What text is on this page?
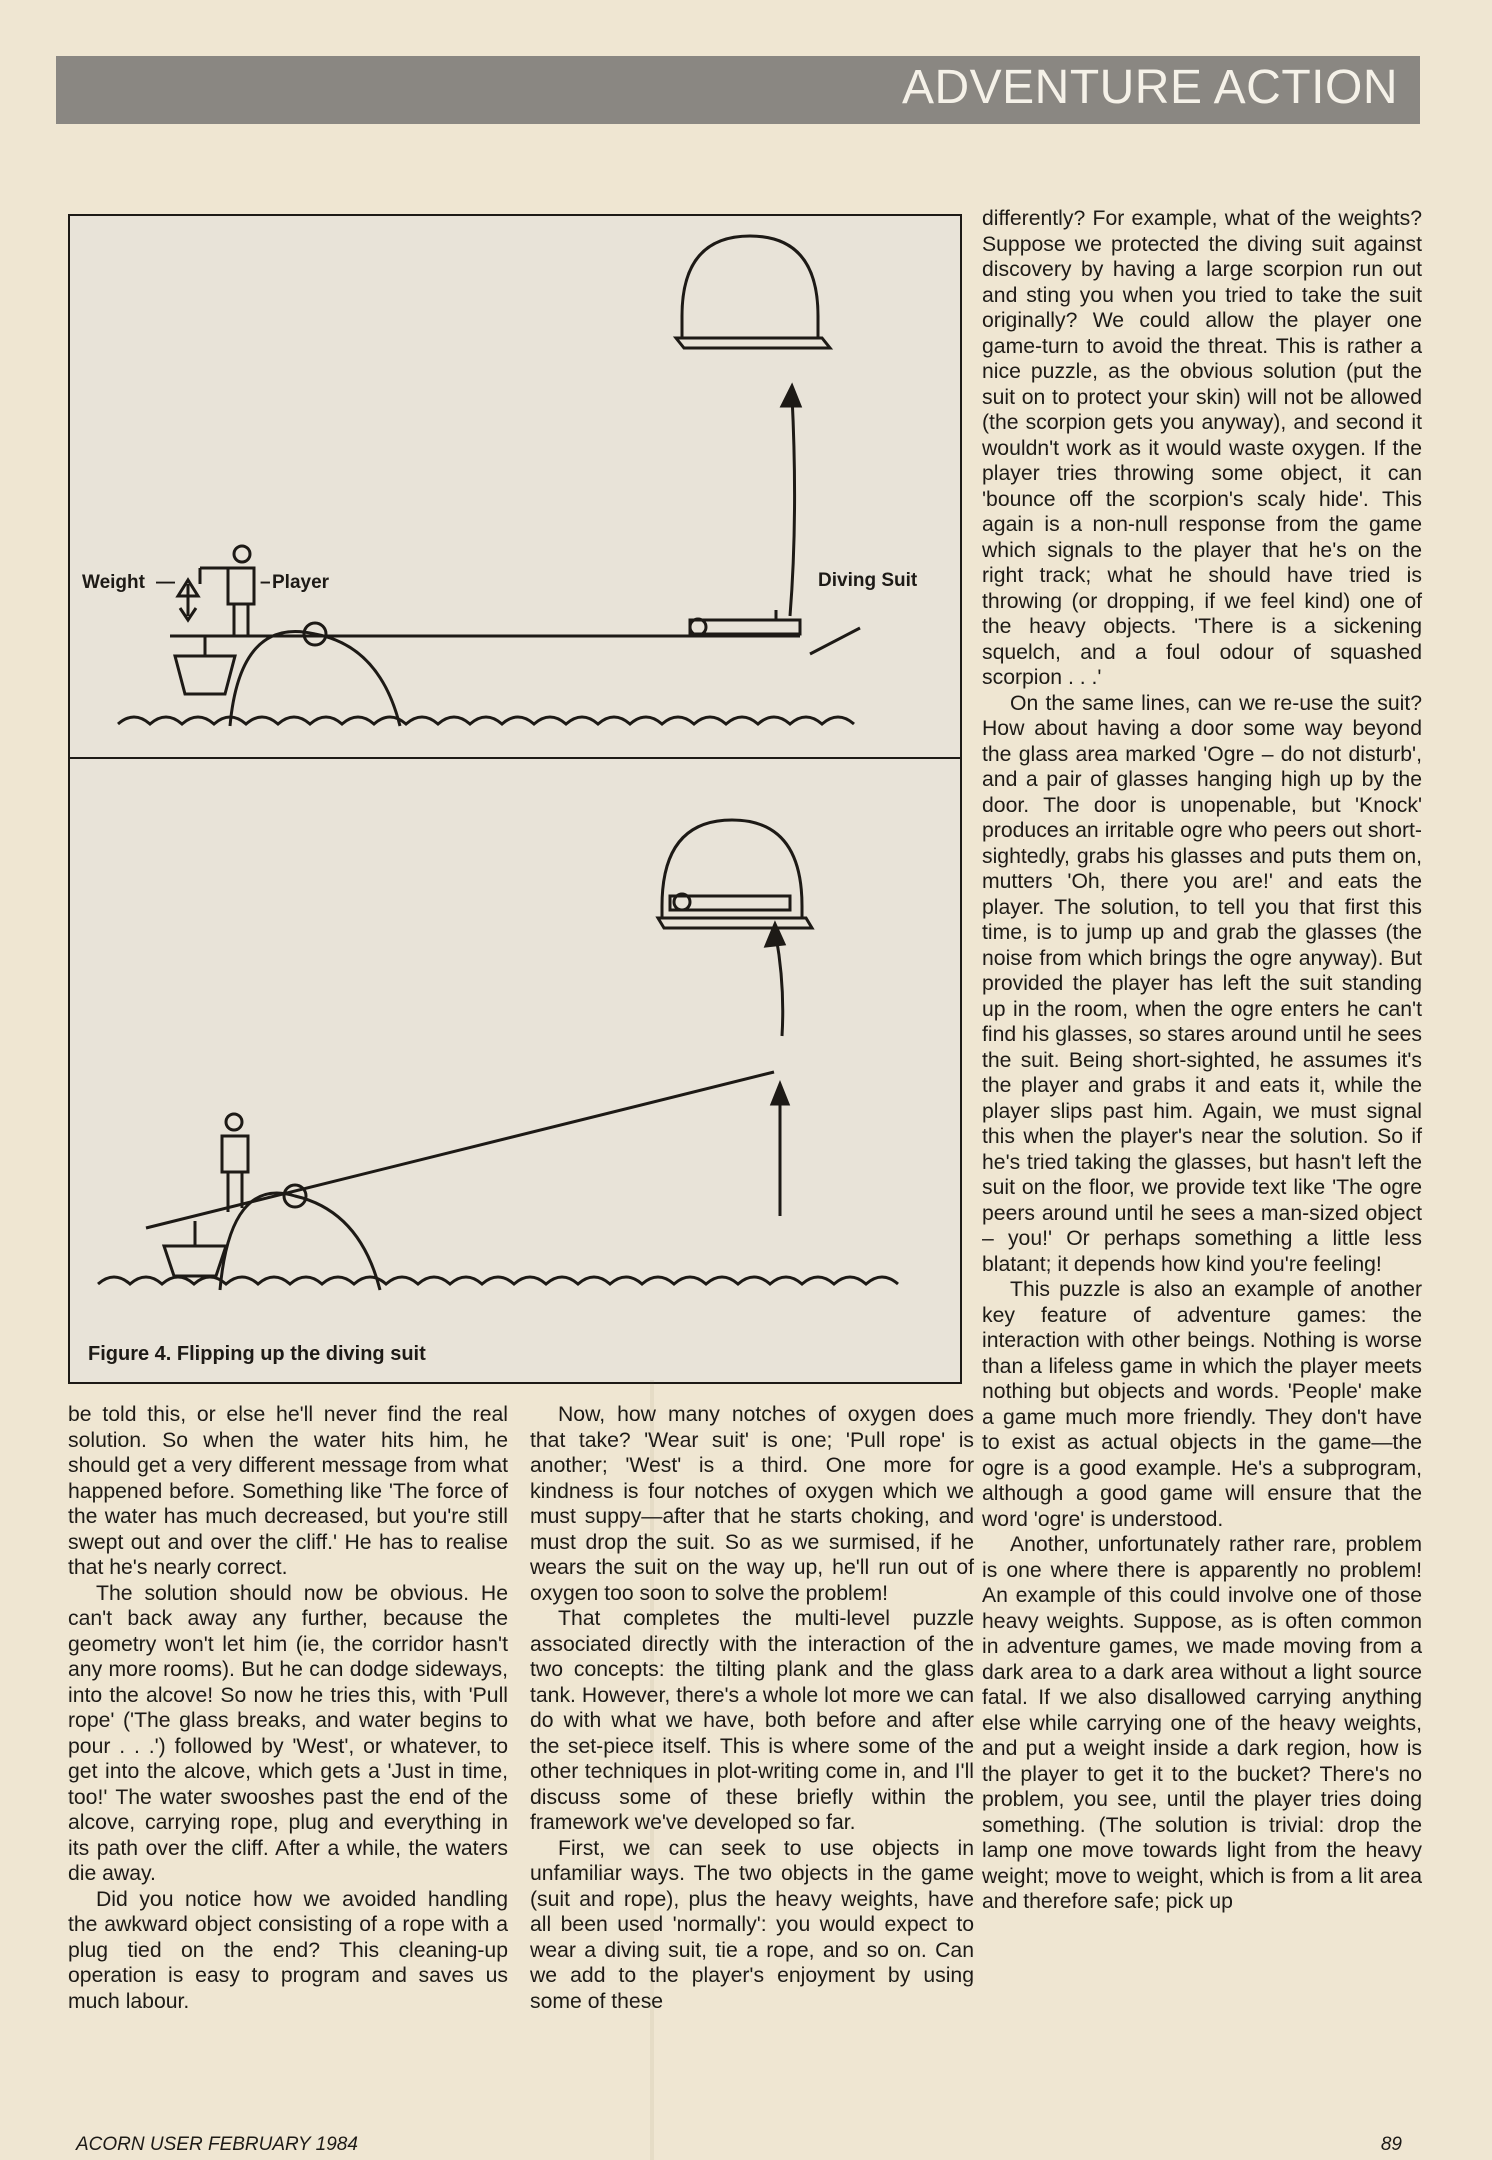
ADVENTURE ACTION
Weight —	– Player	Diving Suit
Figure 4. Flipping up the diving suit

be told this, or else he'll never find the real solution. So when the water hits him, he should get a very different message from what happened before. Something like 'The force of the water has much decreased, but you're still swept out and over the cliff.' He has to realise that he's nearly correct.

The solution should now be obvious. He can't back away any further, because the geometry won't let him (ie, the corridor hasn't any more rooms). But he can dodge sideways, into the alcove! So now he tries this, with 'Pull rope' ('The glass breaks, and water begins to pour . . .') followed by 'West', or whatever, to get into the alcove, which gets a 'Just in time, too!' The water swooshes past the end of the alcove, carrying rope, plug and everything in its path over the cliff. After a while, the waters die away.

Did you notice how we avoided handling the awkward object consisting of a rope with a plug tied on the end? This cleaning-up operation is easy to program and saves us much labour.

Now, how many notches of oxygen does that take? 'Wear suit' is one; 'Pull rope' is another; 'West' is a third. One more for kindness is four notches of oxygen which we must suppy—after that he starts choking, and must drop the suit. So as we surmised, if he wears the suit on the way up, he'll run out of oxygen too soon to solve the problem!

That completes the multi-level puzzle associated directly with the interaction of the two concepts: the tilting plank and the glass tank. However, there's a whole lot more we can do with what we have, both before and after the set-piece itself. This is where some of the other techniques in plot-writing come in, and I'll discuss some of these briefly within the framework we've developed so far.

First, we can seek to use objects in unfamiliar ways. The two objects in the game (suit and rope), plus the heavy weights, have all been used 'normally': you would expect to wear a diving suit, tie a rope, and so on. Can we add to the player's enjoyment by using some of these

differently? For example, what of the weights? Suppose we protected the diving suit against discovery by having a large scorpion run out and sting you when you tried to take the suit originally? We could allow the player one game-turn to avoid the threat. This is rather a nice puzzle, as the obvious solution (put the suit on to protect your skin) will not be allowed (the scorpion gets you anyway), and second it wouldn't work as it would waste oxygen. If the player tries throwing some object, it can 'bounce off the scorpion's scaly hide'. This again is a non-null response from the game which signals to the player that he's on the right track; what he should have tried is throwing (or dropping, if we feel kind) one of the heavy objects. 'There is a sickening squelch, and a foul odour of squashed scorpion . . .'

On the same lines, can we re-use the suit? How about having a door some way beyond the glass area marked 'Ogre – do not disturb', and a pair of glasses hanging high up by the door. The door is unopenable, but 'Knock' produces an irritable ogre who peers out short-sightedly, grabs his glasses and puts them on, mutters 'Oh, there you are!' and eats the player. The solution, to tell you that first this time, is to jump up and grab the glasses (the noise from which brings the ogre anyway). But provided the player has left the suit standing up in the room, when the ogre enters he can't find his glasses, so stares around until he sees the suit. Being short-sighted, he assumes it's the player and grabs it and eats it, while the player slips past him. Again, we must signal this when the player's near the solution. So if he's tried taking the glasses, but hasn't left the suit on the floor, we provide text like 'The ogre peers around until he sees a man-sized object – you!' Or perhaps something a little less blatant; it depends how kind you're feeling!

This puzzle is also an example of another key feature of adventure games: the interaction with other beings. Nothing is worse than a lifeless game in which the player meets nothing but objects and words. 'People' make a game much more friendly. They don't have to exist as actual objects in the game—the ogre is a good example. He's a subprogram, although a good game will ensure that the word 'ogre' is understood.

Another, unfortunately rather rare, problem is one where there is apparently no problem! An example of this could involve one of those heavy weights. Suppose, as is often common in adventure games, we made moving from a dark area to a dark area without a light source fatal. If we also disallowed carrying anything else while carrying one of the heavy weights, and put a weight inside a dark region, how is the player to get it to the bucket? There's no problem, you see, until the player tries doing something. (The solution is trivial: drop the lamp one move towards light from the heavy weight; move to weight, which is from a lit area and therefore safe; pick up

ACORN USER FEBRUARY 1984	89
